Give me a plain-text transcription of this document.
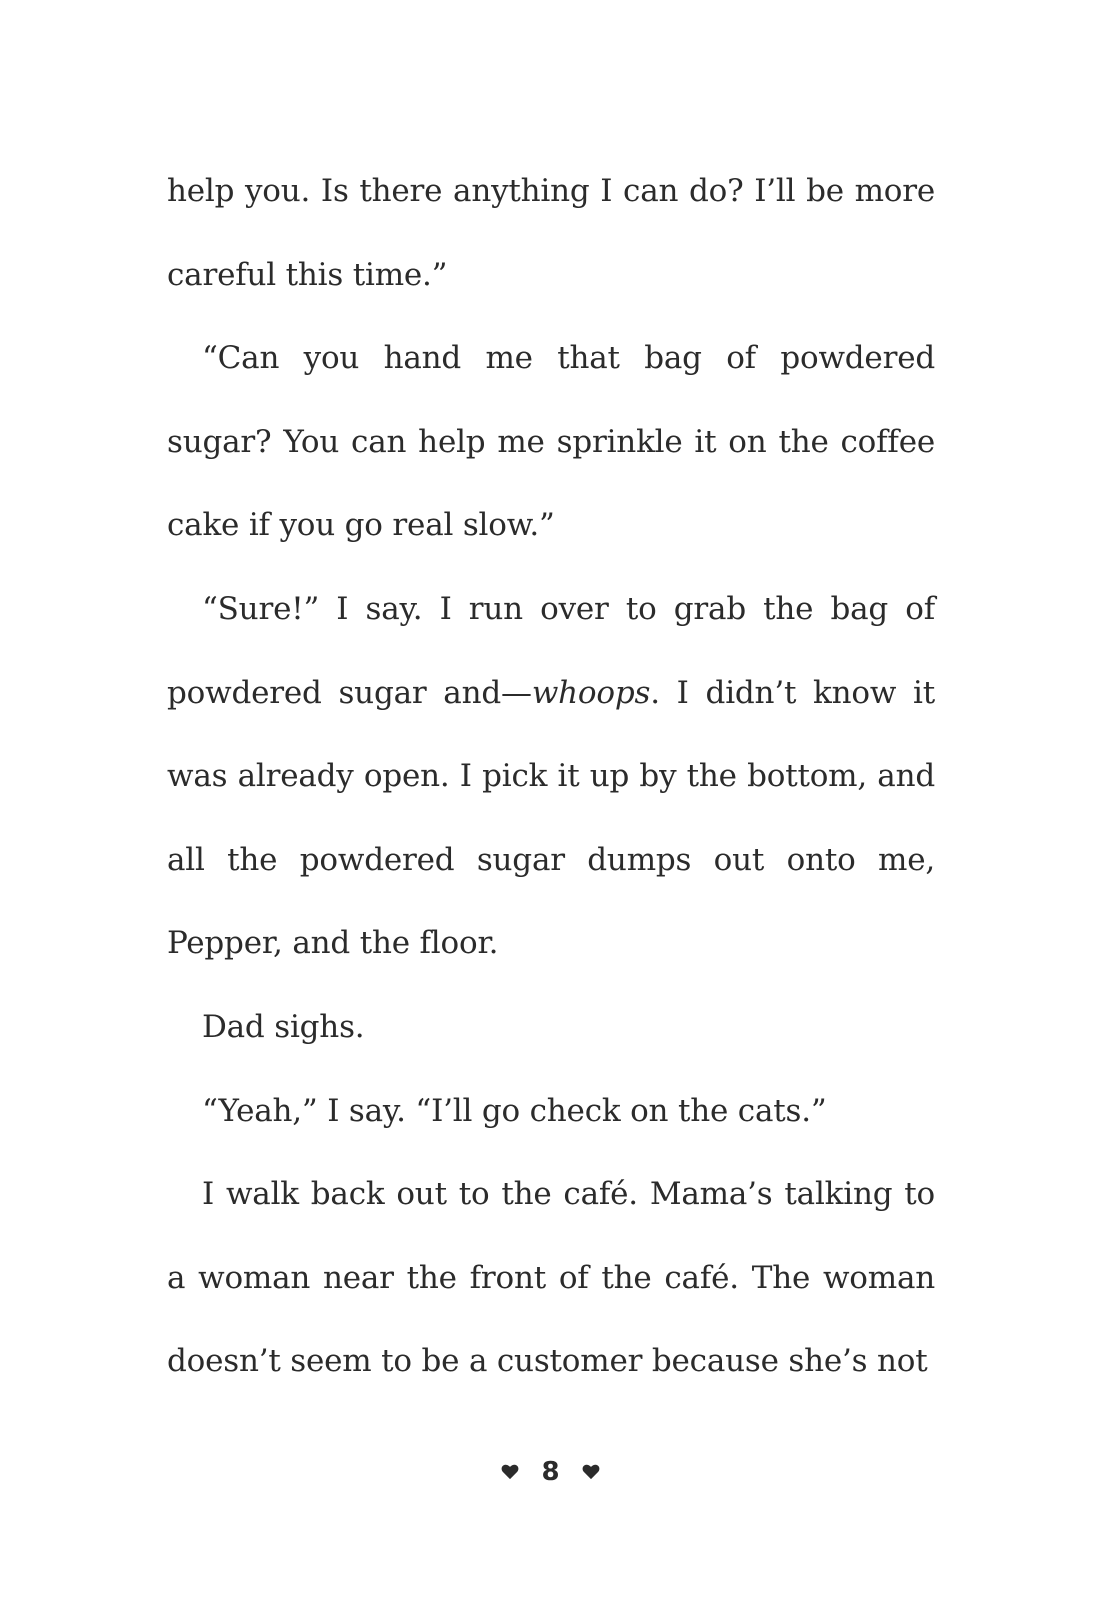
help you. Is there anything I can do? I’ll be more careful this time.”

“Can you hand me that bag of powdered sugar? You can help me sprinkle it on the coffee cake if you go real slow.”

“Sure!” I say. I run over to grab the bag of powdered sugar and—whoops. I didn’t know it was already open. I pick it up by the bottom, and all the powdered sugar dumps out onto me, Pepper, and the floor.

Dad sighs.

“Yeah,” I say. “I’ll go check on the cats.”

I walk back out to the café. Mama’s talking to a woman near the front of the café. The woman doesn’t seem to be a customer because she’s not

8
